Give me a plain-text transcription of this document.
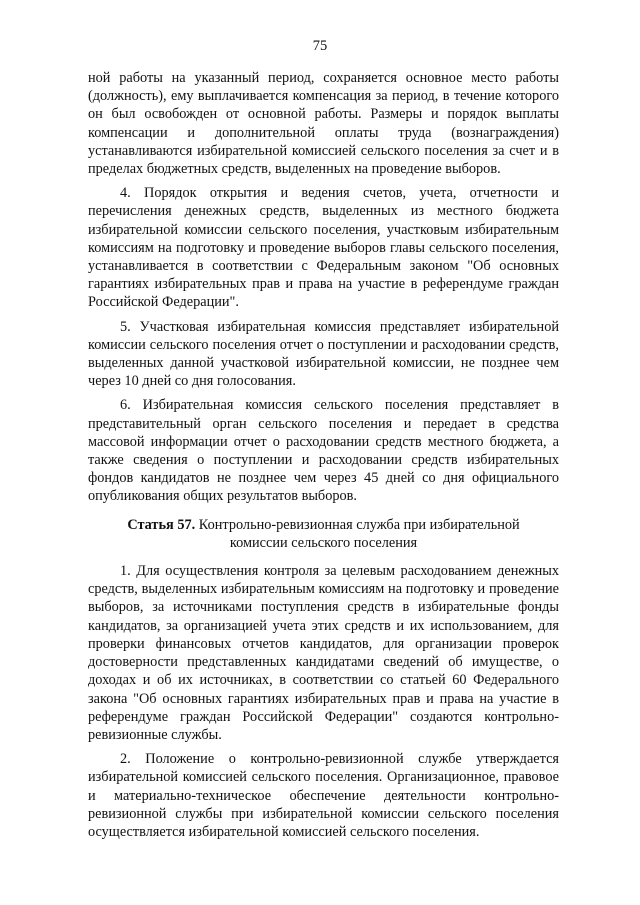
75

ной работы на указанный период, сохраняется основное место работы (должность), ему выплачивается компенсация за период, в течение которого он был освобожден от основной работы. Размеры и порядок выплаты компенсации и дополнительной оплаты труда (вознаграждения) устанавливаются избирательной комиссией сельского поселения за счет и в пределах бюджетных средств, выделенных на проведение выборов.

4. Порядок открытия и ведения счетов, учета, отчетности и перечисления денежных средств, выделенных из местного бюджета избирательной комиссии сельского поселения, участковым избирательным комиссиям на подготовку и проведение выборов главы сельского поселения, устанавливается в соответствии с Федеральным законом "Об основных гарантиях избирательных прав и права на участие в референдуме граждан Российской Федерации".

5. Участковая избирательная комиссия представляет избирательной комиссии сельского поселения отчет о поступлении и расходовании средств, выделенных данной участковой избирательной комиссии, не позднее чем через 10 дней со дня голосования.

6. Избирательная комиссия сельского поселения представляет в представительный орган сельского поселения и передает в средства массовой информации отчет о расходовании средств местного бюджета, а также сведения о поступлении и расходовании средств избирательных фондов кандидатов не позднее чем через 45 дней со дня официального опубликования общих результатов выборов.

Статья 57. Контрольно-ревизионная служба при избирательной
комиссии сельского поселения

1. Для осуществления контроля за целевым расходованием денежных средств, выделенных избирательным комиссиям на подготовку и проведение выборов, за источниками поступления средств в избирательные фонды кандидатов, за организацией учета этих средств и их использованием, для проверки финансовых отчетов кандидатов, для организации проверок достоверности представленных кандидатами сведений об имуществе, о доходах и об их источниках, в соответствии со статьей 60 Федерального закона "Об основных гарантиях избирательных прав и права на участие в референдуме граждан Российской Федерации" создаются контрольно-ревизионные службы.

2. Положение о контрольно-ревизионной службе утверждается избирательной комиссией сельского поселения. Организационное, правовое и материально-техническое обеспечение деятельности контрольно-ревизионной службы при избирательной комиссии сельского поселения осуществляется избирательной комиссией сельского поселения.
